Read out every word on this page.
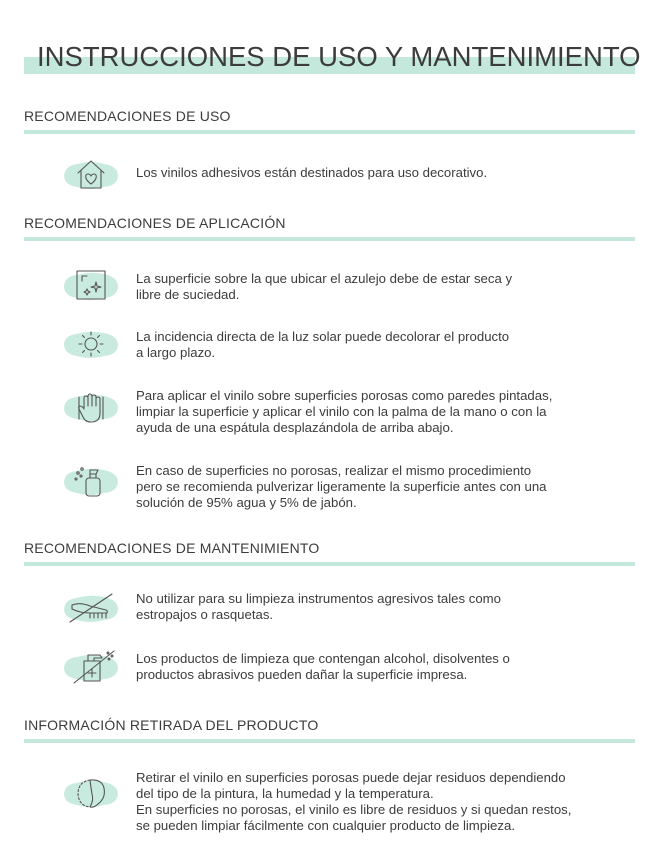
INSTRUCCIONES DE USO Y MANTENIMIENTO
RECOMENDACIONES DE USO
Los vinilos adhesivos están destinados para uso decorativo.
RECOMENDACIONES DE APLICACIÓN
La superficie sobre la que ubicar el azulejo debe de estar seca y
libre de suciedad.
La incidencia directa de la luz solar puede decolorar el producto
a largo plazo.
Para aplicar el vinilo sobre superficies porosas como paredes pintadas,
limpiar la superficie y aplicar el vinilo con la palma de la mano o con la
ayuda de una espátula desplazándola de arriba abajo.
En caso de superficies no porosas, realizar el mismo procedimiento
pero se recomienda pulverizar ligeramente la superficie antes con una
solución de 95% agua y 5% de jabón.
RECOMENDACIONES DE MANTENIMIENTO
No utilizar para su limpieza instrumentos agresivos tales como
estropajos o rasquetas.
Los productos de limpieza que contengan alcohol, disolventes o
productos abrasivos pueden dañar la superficie impresa.
INFORMACIÓN RETIRADA DEL PRODUCTO
Retirar el vinilo en superficies porosas puede dejar residuos dependiendo
del tipo de la pintura, la humedad y la temperatura.
En superficies no porosas, el vinilo es libre de residuos y si quedan restos,
se pueden limpiar fácilmente con cualquier producto de limpieza.
